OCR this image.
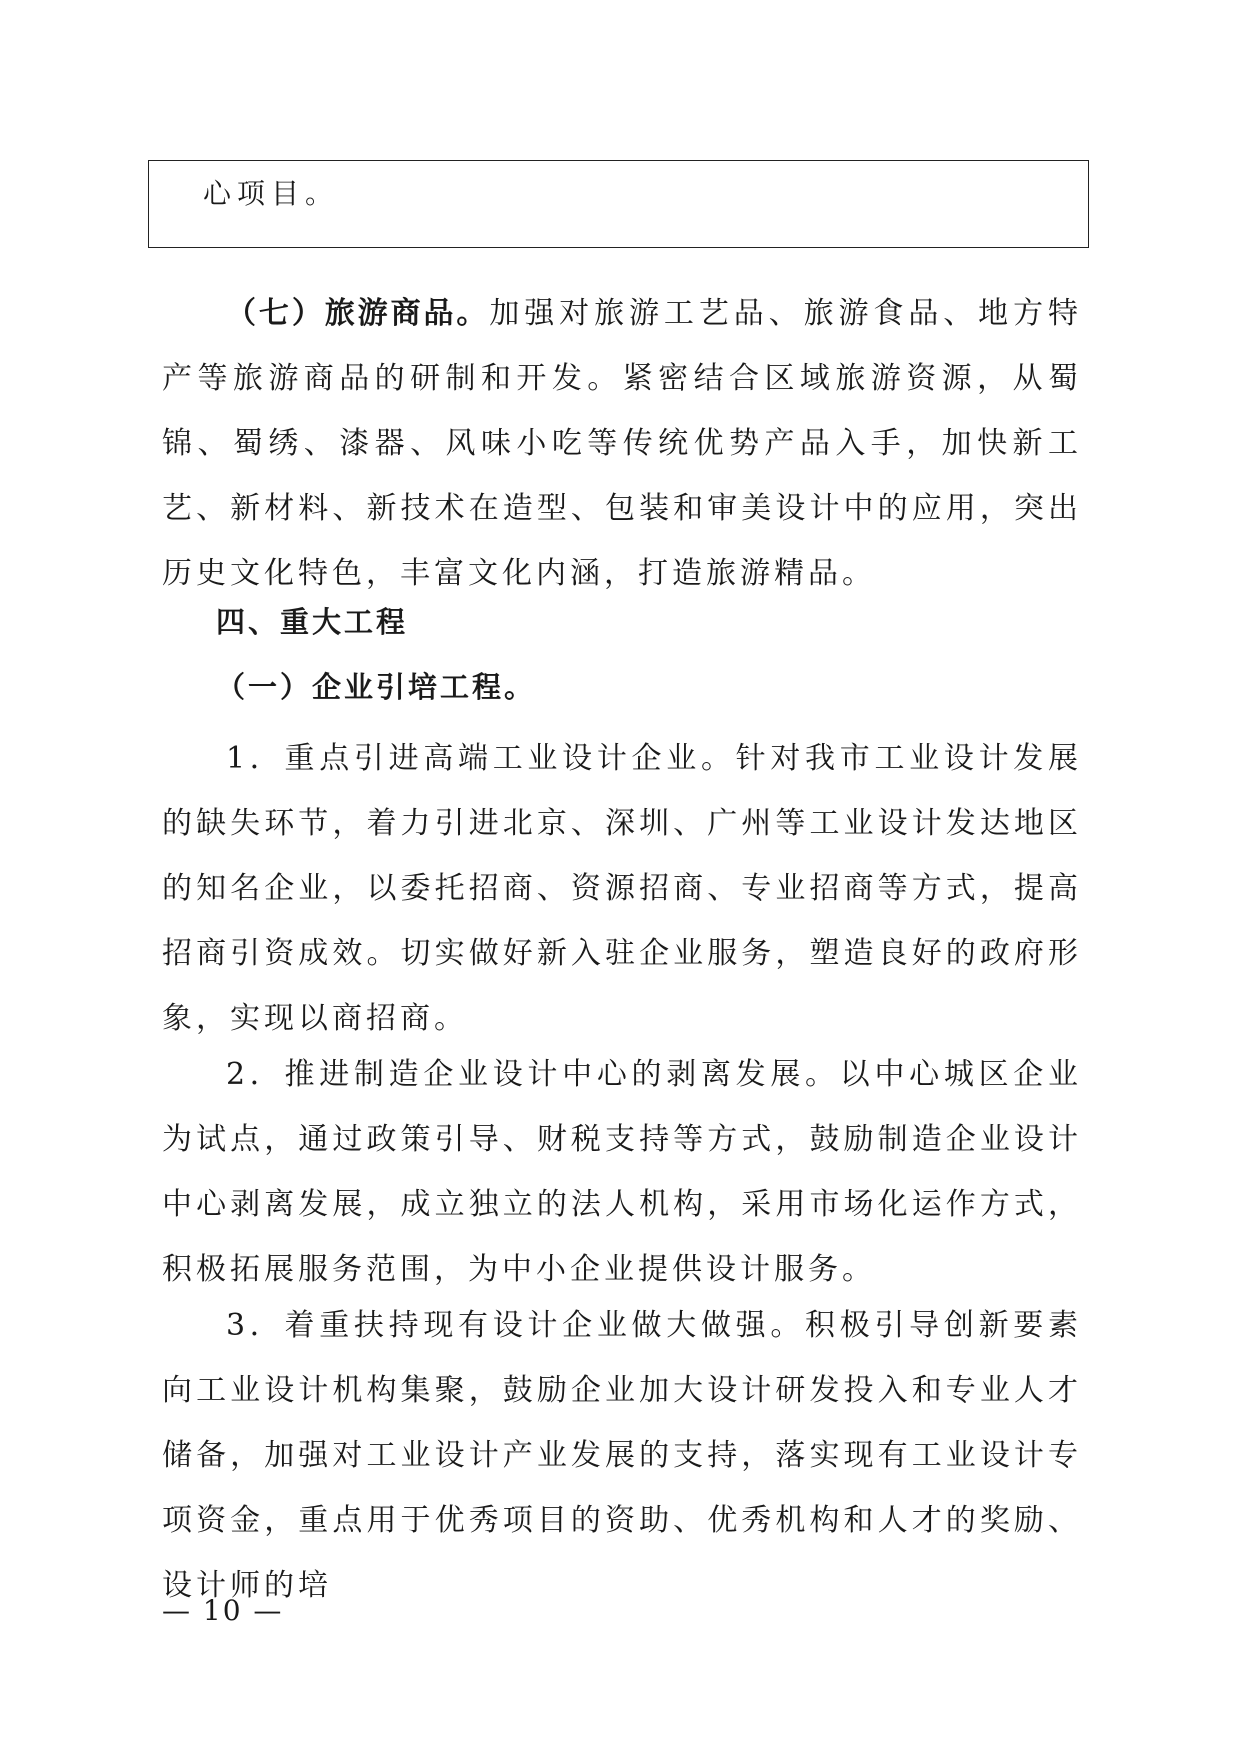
心项目。
（七）旅游商品。加强对旅游工艺品、旅游食品、地方特产等旅游商品的研制和开发。紧密结合区域旅游资源，从蜀锦、蜀绣、漆器、风味小吃等传统优势产品入手，加快新工艺、新材料、新技术在造型、包装和审美设计中的应用，突出历史文化特色，丰富文化内涵，打造旅游精品。
四、重大工程
（一）企业引培工程。
1．重点引进高端工业设计企业。针对我市工业设计发展的缺失环节，着力引进北京、深圳、广州等工业设计发达地区的知名企业，以委托招商、资源招商、专业招商等方式，提高招商引资成效。切实做好新入驻企业服务，塑造良好的政府形象，实现以商招商。
2．推进制造企业设计中心的剥离发展。以中心城区企业为试点，通过政策引导、财税支持等方式，鼓励制造企业设计中心剥离发展，成立独立的法人机构，采用市场化运作方式，积极拓展服务范围，为中小企业提供设计服务。
3．着重扶持现有设计企业做大做强。积极引导创新要素向工业设计机构集聚，鼓励企业加大设计研发投入和专业人才储备，加强对工业设计产业发展的支持，落实现有工业设计专项资金，重点用于优秀项目的资助、优秀机构和人才的奖励、设计师的培
— 10 —
